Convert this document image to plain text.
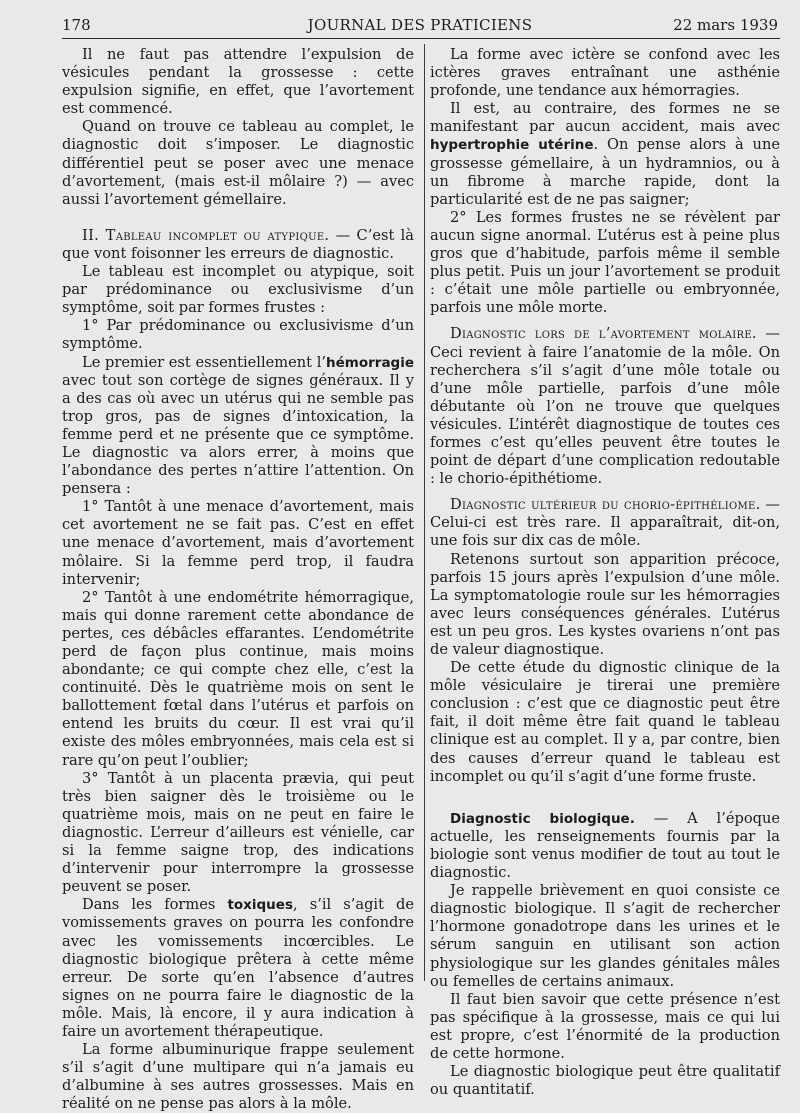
178	JOURNAL DES PRATICIENS	22 mars 1939

Il ne faut pas attendre l’expulsion de vésicules pendant la grossesse : cette expulsion signifie, en effet, que l’avortement est commencé.

Quand on trouve ce tableau au complet, le diagnostic doit s’imposer. Le diagnostic différentiel peut se poser avec une menace d’avortement, (mais est-il môlaire ?) — avec aussi l’avortement gémellaire.

II. Tableau incomplet ou atypique. — C’est là que vont foisonner les erreurs de diagnostic.

Le tableau est incomplet ou atypique, soit par prédominance ou exclusivisme d’un symptôme, soit par formes frustes :

1° Par prédominance ou exclusivisme d’un symptôme.

Le premier est essentiellement l’hémorragie avec tout son cortège de signes généraux. Il y a des cas où avec un utérus qui ne semble pas trop gros, pas de signes d’intoxication, la femme perd et ne présente que ce symptôme. Le diagnostic va alors errer, à moins que l’abondance des pertes n’attire l’attention. On pensera :

1° Tantôt à une menace d’avortement, mais cet avortement ne se fait pas. C’est en effet une menace d’avortement, mais d’avortement môlaire. Si la femme perd trop, il faudra intervenir;

2° Tantôt à une endométrite hémorragique, mais qui donne rarement cette abondance de pertes, ces débâcles effarantes. L’endométrite perd de façon plus continue, mais moins abondante; ce qui compte chez elle, c’est la continuité. Dès le quatrième mois on sent le ballottement fœtal dans l’utérus et parfois on entend les bruits du cœur. Il est vrai qu’il existe des môles embryonnées, mais cela est si rare qu’on peut l’oublier;

3° Tantôt à un placenta prævia, qui peut très bien saigner dès le troisième ou le quatrième mois, mais on ne peut en faire le diagnostic. L’erreur d’ailleurs est vénielle, car si la femme saigne trop, des indications d’intervenir pour interrompre la grossesse peuvent se poser.

Dans les formes toxiques, s’il s’agit de vomissements graves on pourra les confondre avec les vomissements incœrcibles. Le diagnostic biologique prêtera à cette même erreur. De sorte qu’en l’absence d’autres signes on ne pourra faire le diagnostic de la môle. Mais, là encore, il y aura indication à faire un avortement thérapeutique.

La forme albuminurique frappe seulement s’il s’agit d’une multipare qui n’a jamais eu d’albumine à ses autres grossesses. Mais en réalité on ne pense pas alors à la môle.

La forme avec ictère se confond avec les ictères graves entraînant une asthénie profonde, une tendance aux hémorragies.

Il est, au contraire, des formes ne se manifestant par aucun accident, mais avec hypertrophie utérine. On pense alors à une grossesse gémellaire, à un hydramnios, ou à un fibrome à marche rapide, dont la particularité est de ne pas saigner;

2° Les formes frustes ne se révèlent par aucun signe anormal. L’utérus est à peine plus gros que d’habitude, parfois même il semble plus petit. Puis un jour l’avortement se produit : c’était une môle partielle ou embryonnée, parfois une môle morte.

Diagnostic lors de l’avortement molaire. — Ceci revient à faire l’anatomie de la môle. On recherchera s’il s’agit d’une môle totale ou d’une môle partielle, parfois d’une môle débutante où l’on ne trouve que quelques vésicules. L’intérêt diagnostique de toutes ces formes c’est qu’elles peuvent être toutes le point de départ d’une complication redoutable : le chorio-épithétiome.

Diagnostic ultérieur du chorio-épithéliome. — Celui-ci est très rare. Il apparaîtrait, dit-on, une fois sur dix cas de môle.

Retenons surtout son apparition précoce, parfois 15 jours après l’expulsion d’une môle. La symptomatologie roule sur les hémorragies avec leurs conséquences générales. L’utérus est un peu gros. Les kystes ovariens n’ont pas de valeur diagnostique.

De cette étude du dignostic clinique de la môle vésiculaire je tirerai une première conclusion : c’est que ce diagnostic peut être fait, il doit même être fait quand le tableau clinique est au complet. Il y a, par contre, bien des causes d’erreur quand le tableau est incomplet ou qu’il s’agit d’une forme fruste.

Diagnostic biologique. — A l’époque actuelle, les renseignements fournis par la biologie sont venus modifier de tout au tout le diagnostic.

Je rappelle brièvement en quoi consiste ce diagnostic biologique. Il s’agit de rechercher l’hormone gonadotrope dans les urines et le sérum sanguin en utilisant son action physiologique sur les glandes génitales mâles ou femelles de certains animaux.

Il faut bien savoir que cette présence n’est pas spécifique à la grossesse, mais ce qui lui est propre, c’est l’énormité de la production de cette hormone.

Le diagnostic biologique peut être qualitatif ou quantitatif.
